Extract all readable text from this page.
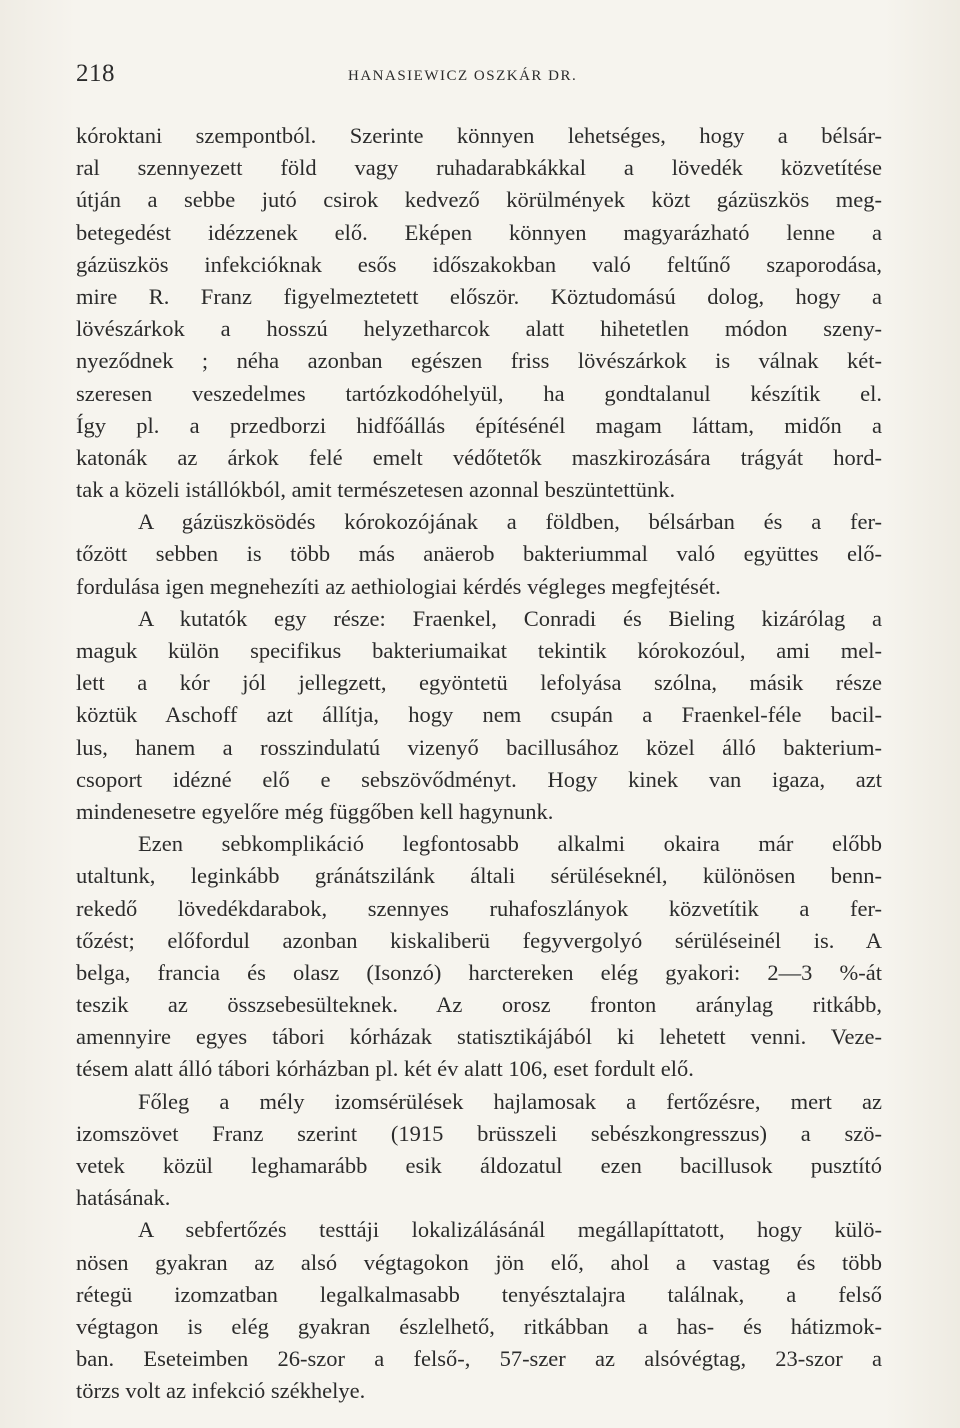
218	HANASIEWICZ OSZKÁR DR.
kóroktani szempontból. Szerinte könnyen lehetséges, hogy a bélsár-
ral szennyezett föld vagy ruhadarabkákkal a lövedék közvetítése
útján a sebbe jutó csirok kedvező körülmények közt gázüszkös meg-
betegedést idézzenek elő. Eképen könnyen magyarázható lenne a
gázüszkös infekcióknak esős időszakokban való feltűnő szaporodása,
mire R. Franz figyelmeztetett először. Köztudomású dolog, hogy a
lövészárkok a hosszú helyzetharcok alatt hihetetlen módon szeny-
nyeződnek ; néha azonban egészen friss lövészárkok is válnak két-
szeresen veszedelmes tartózkodóhelyül, ha gondtalanul készítik el.
Így pl. a przedborzi hidfőállás építésénél magam láttam, midőn a
katonák az árkok felé emelt védőtetők maszkirozására trágyát hord-
tak a közeli istállókból, amit természetesen azonnal beszüntettünk.
A gázüszkösödés kórokozójának a földben, bélsárban és a fer-
tőzött sebben is több más anäerob bakteriummal való együttes elő-
fordulása igen megnehezíti az aethiologiai kérdés végleges megfejtését.
A kutatók egy része: Fraenkel, Conradi és Bieling kizárólag a
maguk külön specifikus bakteriumaikat tekintik kórokozóul, ami mel-
lett a kór jól jellegzett, egyöntetü lefolyása szólna, másik része
köztük Aschoff azt állítja, hogy nem csupán a Fraenkel-féle bacil-
lus, hanem a rosszindulatú vizenyő bacillusához közel álló bakterium-
csoport idézné elő e sebszövődményt. Hogy kinek van igaza, azt
mindenesetre egyelőre még függőben kell hagynunk.
Ezen sebkomplikáció legfontosabb alkalmi okaira már előbb
utaltunk, leginkább gránátszilánk általi sérüléseknél, különösen benn-
rekedő lövedékdarabok, szennyes ruhafoszlányok közvetítik a fer-
tőzést; előfordul azonban kiskaliberü fegyvergolyó sérüléseinél is. A
belga, francia és olasz (Isonzó) harctereken elég gyakori: 2—3 %-át
teszik az összsebesülteknek. Az orosz fronton aránylag ritkább,
amennyire egyes tábori kórházak statisztikájából ki lehetett venni. Veze-
tésem alatt álló tábori kórházban pl. két év alatt 106, eset fordult elő.
Főleg a mély izomsérülések hajlamosak a fertőzésre, mert az
izomszövet Franz szerint (1915 brüsszeli sebészkongresszus) a szö-
vetek közül leghamarább esik áldozatul ezen bacillusok pusztító
hatásának.
A sebfertőzés testtáji lokalizálásánál megállapíttatott, hogy külö-
nösen gyakran az alsó végtagokon jön elő, ahol a vastag és több
rétegü izomzatban legalkalmasabb tenyésztalajra találnak, a felső
végtagon is elég gyakran észlelhető, ritkábban a has- és hátizmok-
ban. Eseteimben 26-szor a felső-, 57-szer az alsóvégtag, 23-szor a
törzs volt az infekció székhelye.
